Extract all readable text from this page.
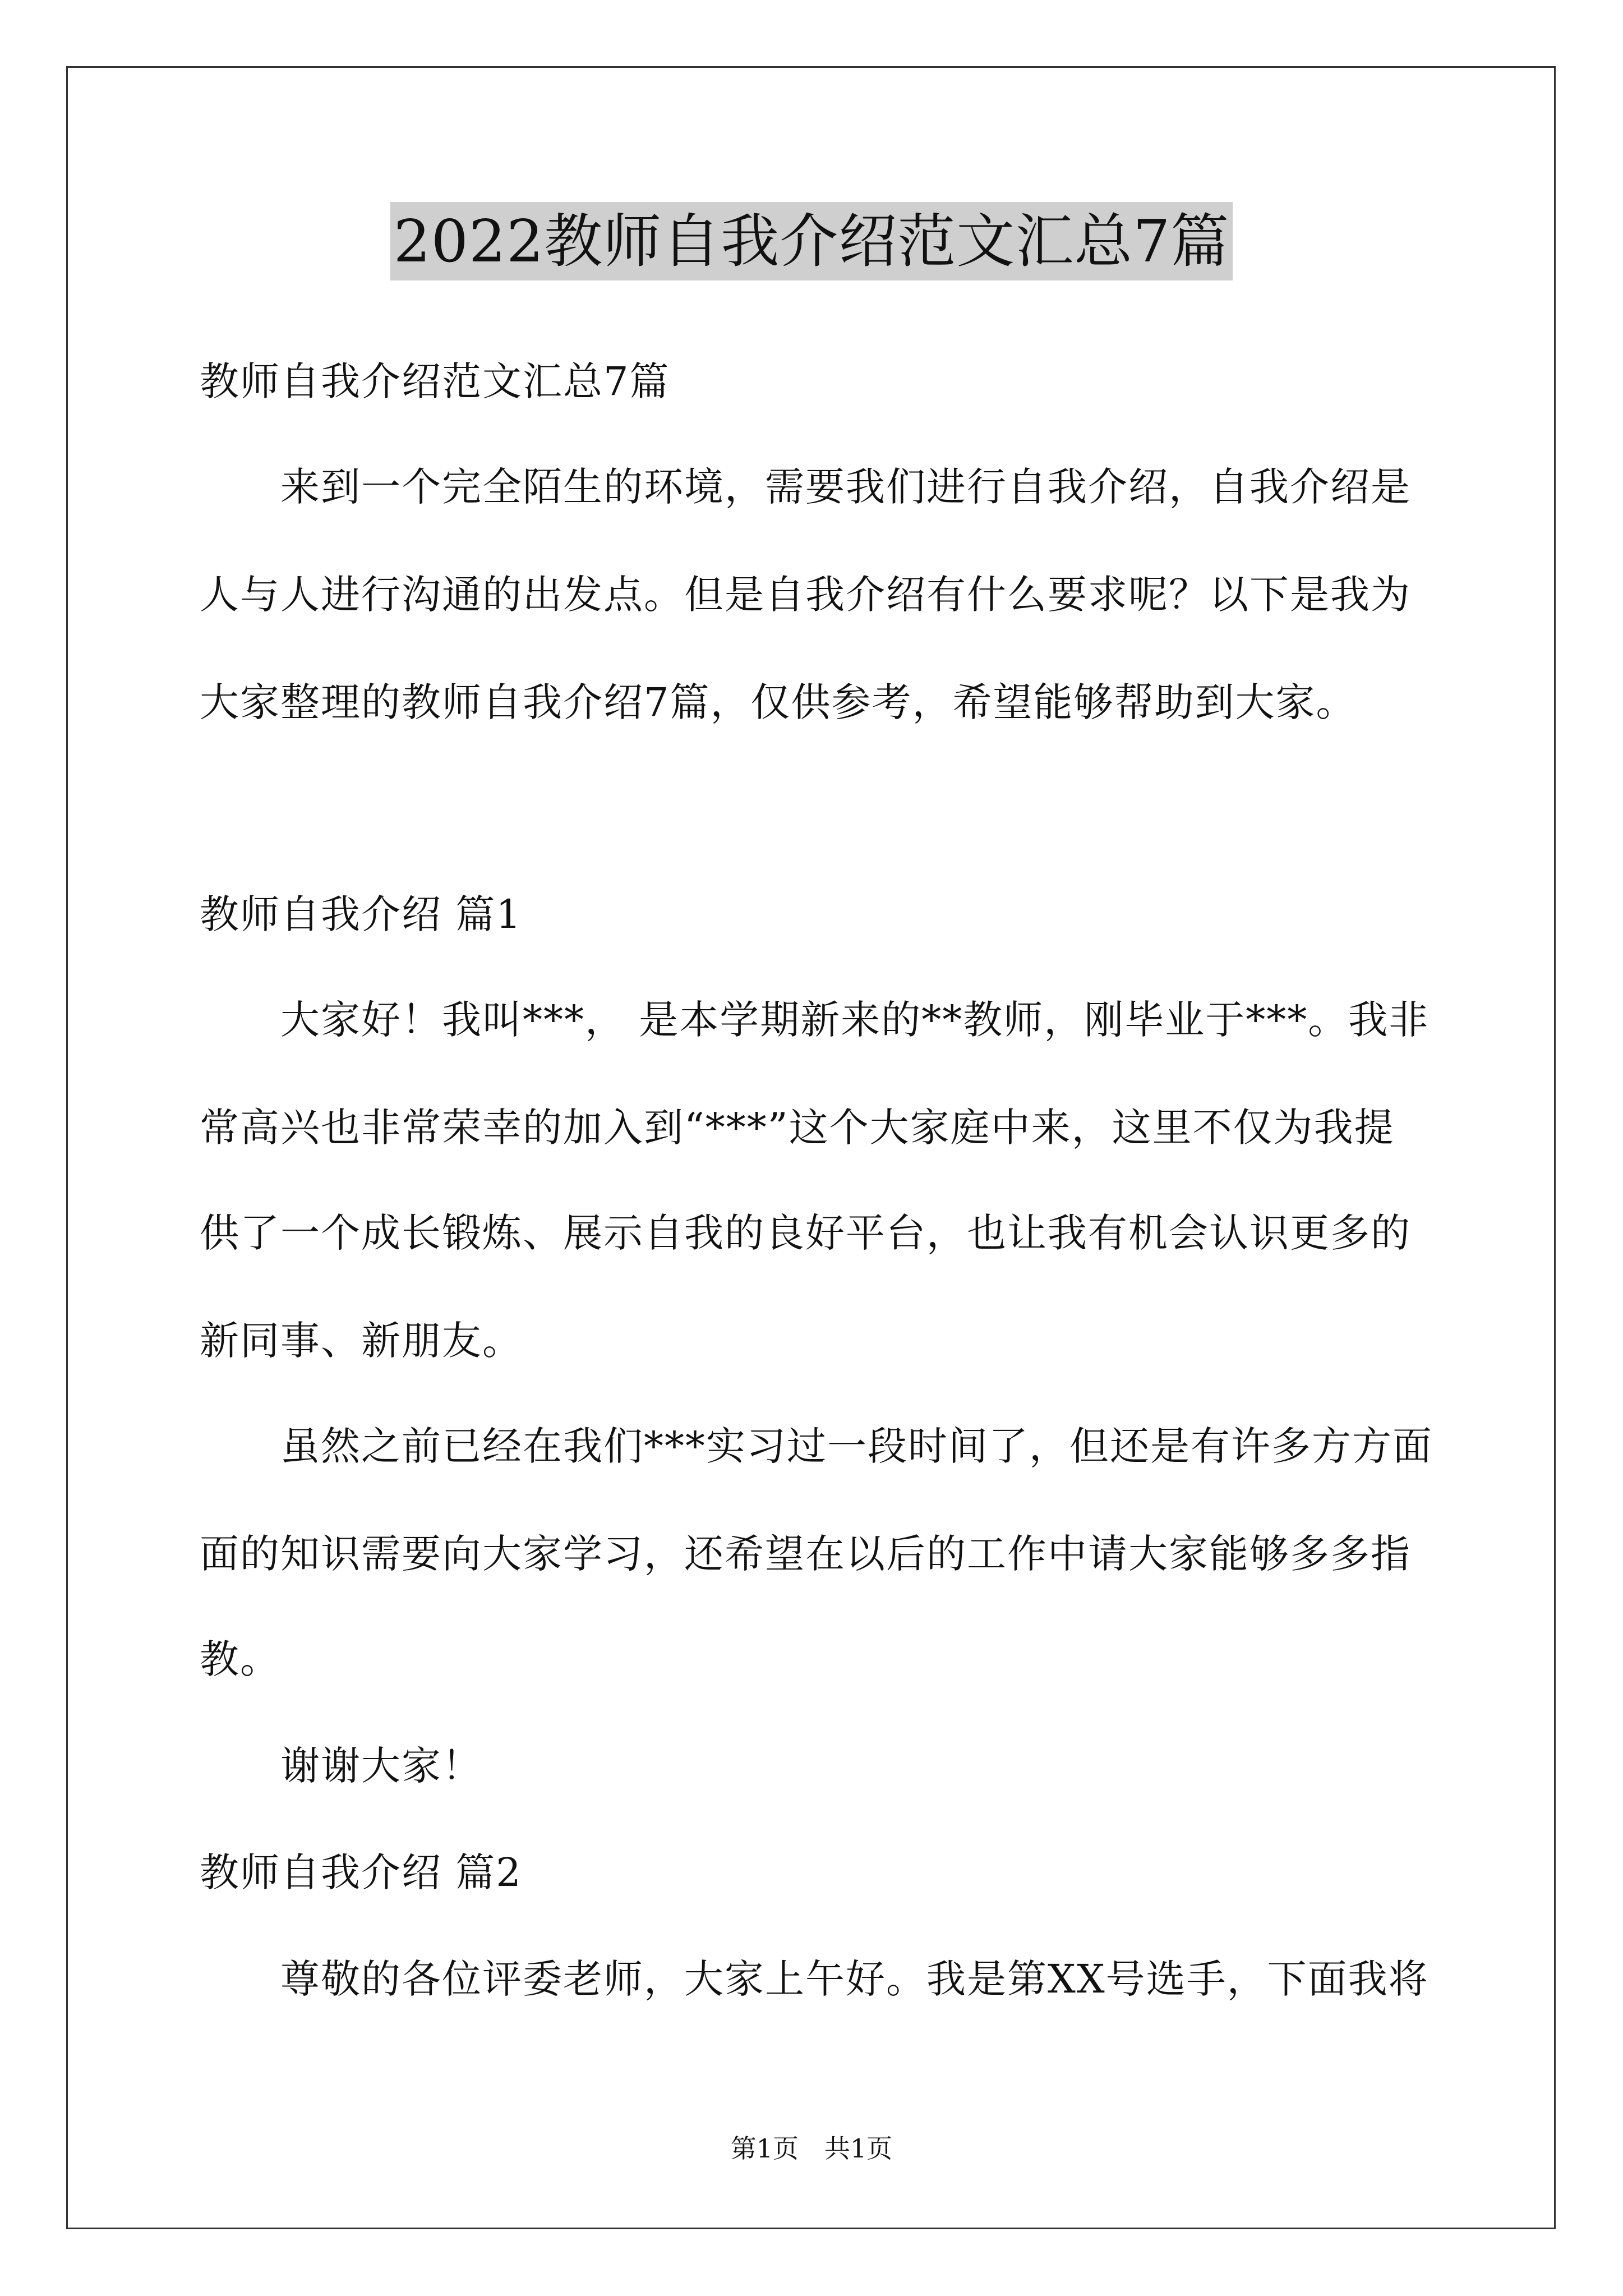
2022教师自我介绍范文汇总7篇
教师自我介绍范文汇总7篇
　　来到一个完全陌生的环境，需要我们进行自我介绍，自我介绍是
人与人进行沟通的出发点。但是自我介绍有什么要求呢？以下是我为
大家整理的教师自我介绍7篇，仅供参考，希望能够帮助到大家。
教师自我介绍 篇1
　　大家好！我叫***， 是本学期新来的**教师，刚毕业于***。我非
常高兴也非常荣幸的加入到“***”这个大家庭中来，这里不仅为我提
供了一个成长锻炼、展示自我的良好平台，也让我有机会认识更多的
新同事、新朋友。
　　虽然之前已经在我们***实习过一段时间了，但还是有许多方方面
面的知识需要向大家学习，还希望在以后的工作中请大家能够多多指
教。
　　谢谢大家！
教师自我介绍 篇2
　　尊敬的各位评委老师，大家上午好。我是第XX号选手，下面我将
第1页　共1页
